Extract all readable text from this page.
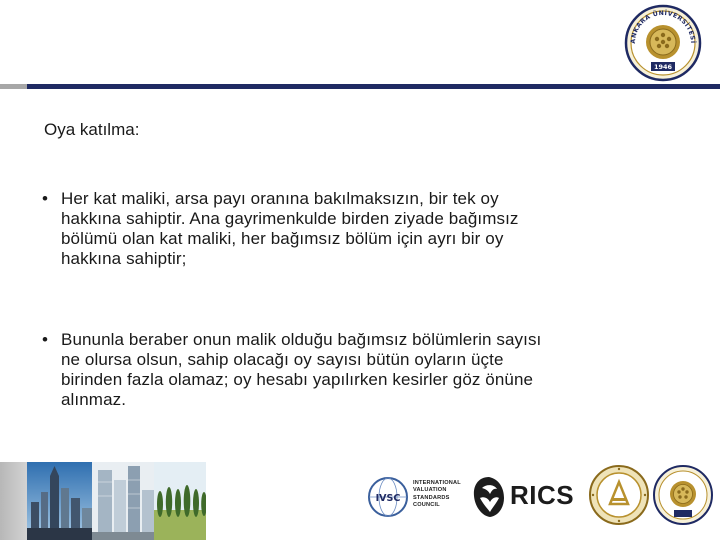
ANKARA ÜNİVERSİTESİ
1946
Oya katılma:
• Her kat maliki, arsa payı oranına bakılmaksızın, bir tek oy
hakkına sahiptir. Ana gayrimenkulde birden ziyade bağımsız
bölümü olan kat maliki, her bağımsız bölüm için ayrı bir oy
hakkına sahiptir;
• Bununla beraber onun malik olduğu bağımsız bölümlerin sayısı
ne olursa olsun, sahip olacağı oy sayısı bütün oyların üçte
birinden fazla olamaz; oy hesabı yapılırken kesirler göz önüne
alınmaz.
IVSC
INTERNATIONAL
VALUATION
STANDARDS
COUNCIL	RICS
